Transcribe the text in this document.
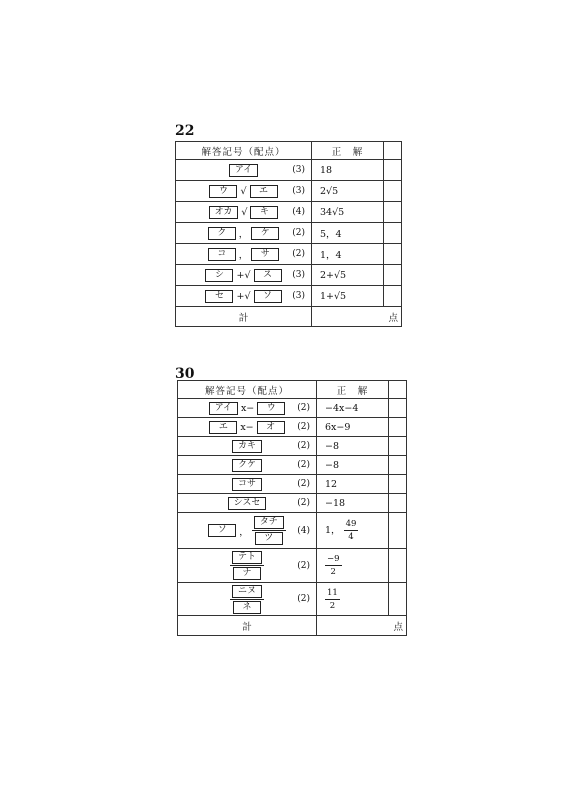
22
解答記号（配点）	正　解	

アイ (3)	18	

ウ √ エ (3)	2√5	

オカ √ キ (4)	34√5	

ク ， ケ (2)	5，4	

コ ， サ (2)	1，4	

シ +√ ス (3)	2+√5	

セ +√ ソ (3)	1+√5	
計		点
30
解答記号（配点）	正　解	

アイ x− ウ (2)	−4x−4	

エ x− オ (2)	6x−9	

カキ (2)	−8	

クケ (2)	−8	

コサ (2)	12	

シスセ (2)	−18	

ソ ， $\frac{\text{タチ}}{\text{ツ}} (4)$	1， $\frac{49}{4}$

$\frac{\text{テト}}{\text{ナ}} (2)$	$\frac{-9}{2}$

$\frac{\text{ニヌ}}{\text{ネ}} (2)$	$\frac{11}{2}$

計		点
